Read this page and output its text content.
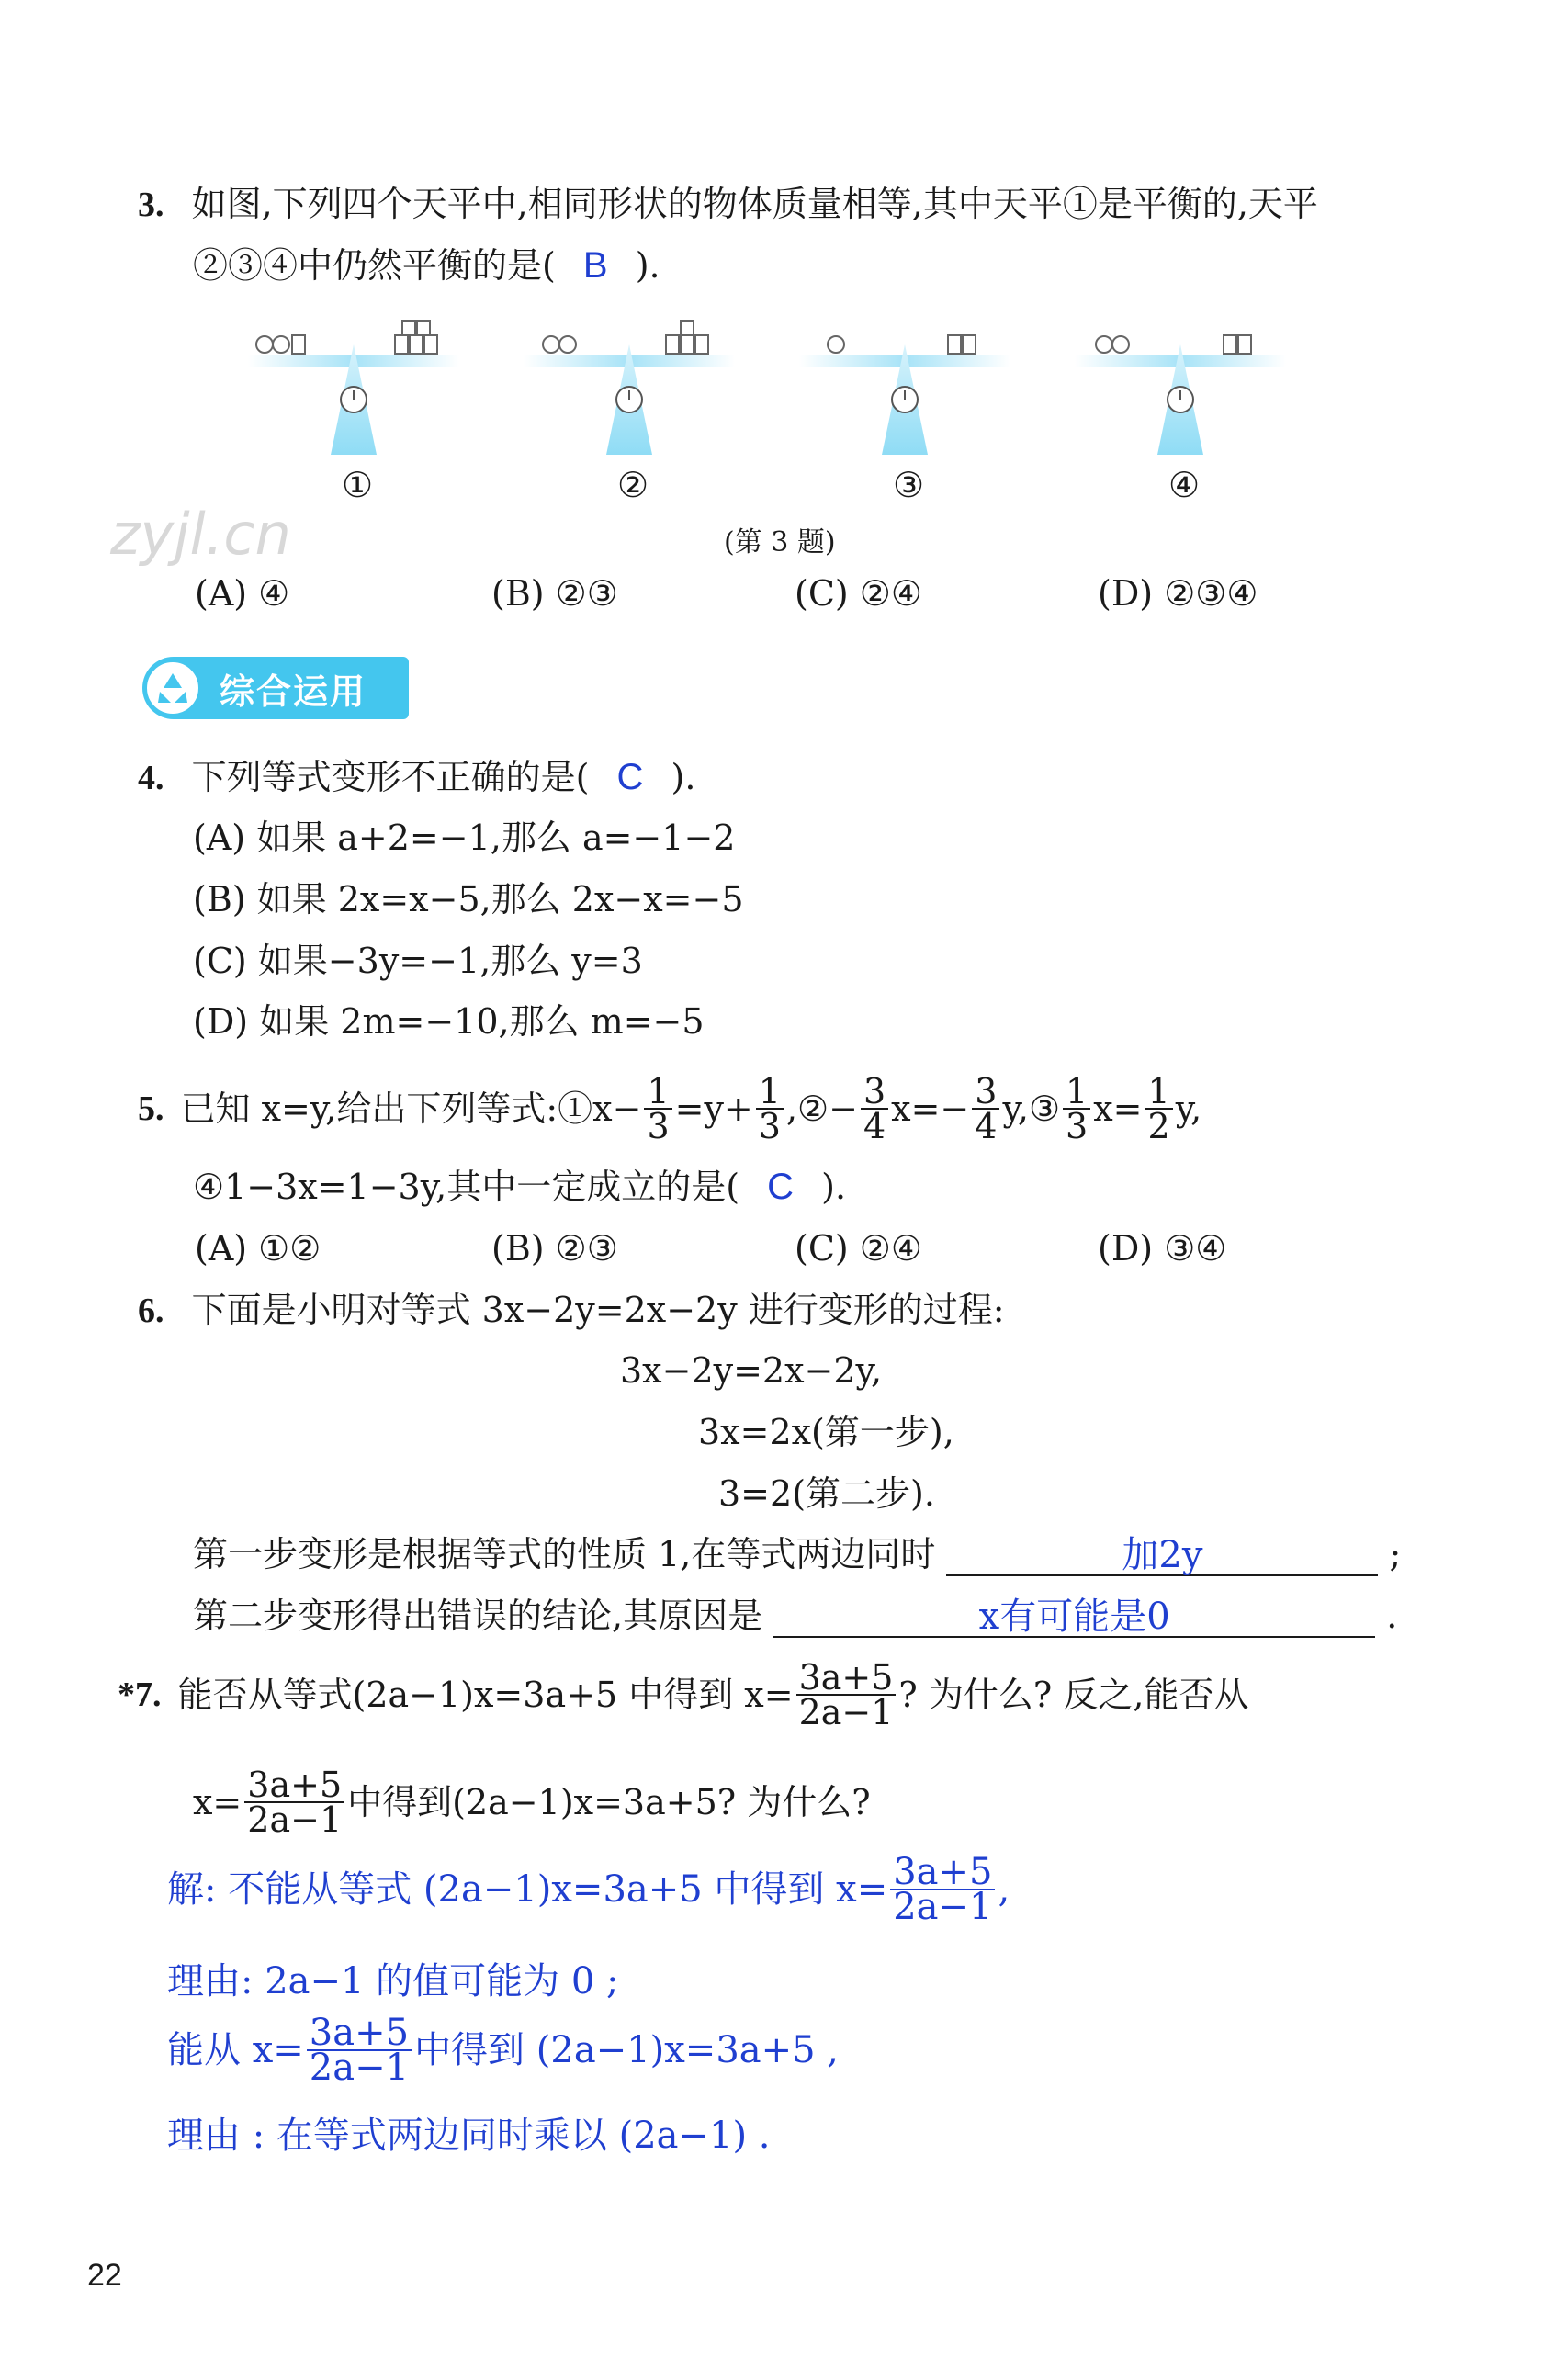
3. 如图,下列四个天平中,相同形状的物体质量相等,其中天平①是平衡的,天平
②③④中仍然平衡的是( B ).
①	②	③	④
zyjl.cn	(第 3 题)
(A) ④	(B) ②③	(C) ②④	(D) ②③④
综合运用
4. 下列等式变形不正确的是( C ).
(A) 如果 a+2=−1,那么 a=−1−2
(B) 如果 2x=x−5,那么 2x−x=−5
(C) 如果−3y=−1,那么 y=3
(D) 如果 2m=−10,那么 m=−5
5. 已知 x=y,给出下列等式:①x− $\frac{1}{3} =y+ \frac{1}{3}$ ,②− $\frac{3}{4} x=- \frac{3}{4}$ y,③ $\frac{1}{3} x= \frac{1}{2} y$,
④1−3x=1−3y,其中一定成立的是( C ).
(A) ①②	(B) ②③	(C) ②④	(D) ③④
6. 下面是小明对等式 3x−2y=2x−2y 进行变形的过程:
3x−2y=2x−2y,
3x=2x(第一步),
3=2(第二步).
第一步变形是根据等式的性质 1,在等式两边同时	加2y	;
第二步变形得出错误的结论,其原因是	x有可能是0	.
*7. 能否从等式(2a−1)x=3a+5 中得到 $x= \frac{3a+5}{2a-1}$ ? 为什么? 反之,能否从
$x= \frac{3a+5}{2a-1}$ 中得到(2a−1)x=3a+5? 为什么?
解: 不能从等式 (2a−1)x=3a+5 中得到 $x= \frac{3a+5}{2a-1}$ ,
理由: 2a−1 的值可能为 0 ;
能从 $x= \frac{3a+5}{2a-1}$ 中得到 (2a−1)x=3a+5 ,
理由 : 在等式两边同时乘以 (2a−1) .
22
